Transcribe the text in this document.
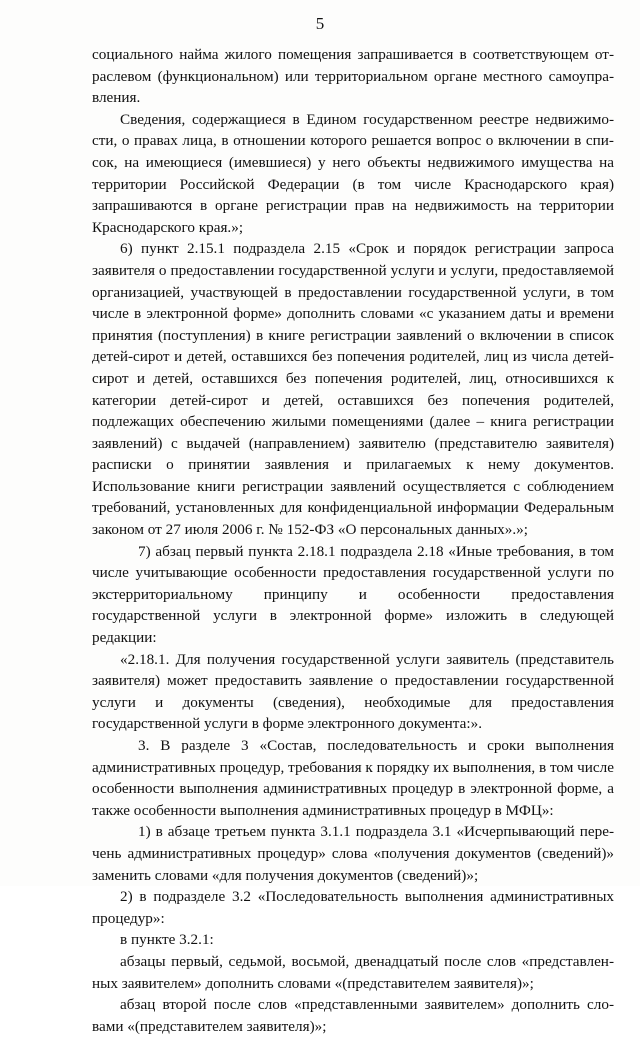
5

социального найма жилого помещения запрашивается в соответствующем отраслевом (функциональном) или территориальном органе местного самоуправления.

Сведения, содержащиеся в Едином государственном реестре недвижимости, о правах лица, в отношении которого решается вопрос о включении в список, на имеющиеся (имевшиеся) у него объекты недвижимого имущества на территории Российской Федерации (в том числе Краснодарского края) запрашиваются в органе регистрации прав на недвижимость на территории Краснодарского края.»;

6) пункт 2.15.1 подраздела 2.15 «Срок и порядок регистрации запроса заявителя о предоставлении государственной услуги и услуги, предоставляемой организацией, участвующей в предоставлении государственной услуги, в том числе в электронной форме» дополнить словами «с указанием даты и времени принятия (поступления) в книге регистрации заявлений о включении в список детей-сирот и детей, оставшихся без попечения родителей, лиц из числа детей-сирот и детей, оставшихся без попечения родителей, лиц, относившихся к категории детей-сирот и детей, оставшихся без попечения родителей, подлежащих обеспечению жилыми помещениями (далее – книга регистрации заявлений) с выдачей (направлением) заявителю (представителю заявителя) расписки о принятии заявления и прилагаемых к нему документов. Использование книги регистрации заявлений осуществляется с соблюдением требований, установленных для конфиденциальной информации Федеральным законом от 27 июля 2006 г. № 152-ФЗ «О персональных данных».»;

7) абзац первый пункта 2.18.1 подраздела 2.18 «Иные требования, в том числе учитывающие особенности предоставления государственной услуги по экстерриториальному принципу и особенности предоставления государственной услуги в электронной форме» изложить в следующей редакции:

«2.18.1. Для получения государственной услуги заявитель (представитель заявителя) может предоставить заявление о предоставлении государственной услуги и документы (сведения), необходимые для предоставления государственной услуги в форме электронного документа:».

3. В разделе 3 «Состав, последовательность и сроки выполнения административных процедур, требования к порядку их выполнения, в том числе особенности выполнения административных процедур в электронной форме, а также особенности выполнения административных процедур в МФЦ»:

1) в абзаце третьем пункта 3.1.1 подраздела 3.1 «Исчерпывающий перечень административных процедур» слова «получения документов (сведений)» заменить словами «для получения документов (сведений)»;

2) в подразделе 3.2 «Последовательность выполнения административных процедур»:

в пункте 3.2.1:

абзацы первый, седьмой, восьмой, двенадцатый после слов «представленных заявителем» дополнить словами «(представителем заявителя)»;

абзац второй после слов «представленными заявителем» дополнить словами «(представителем заявителя)»;
